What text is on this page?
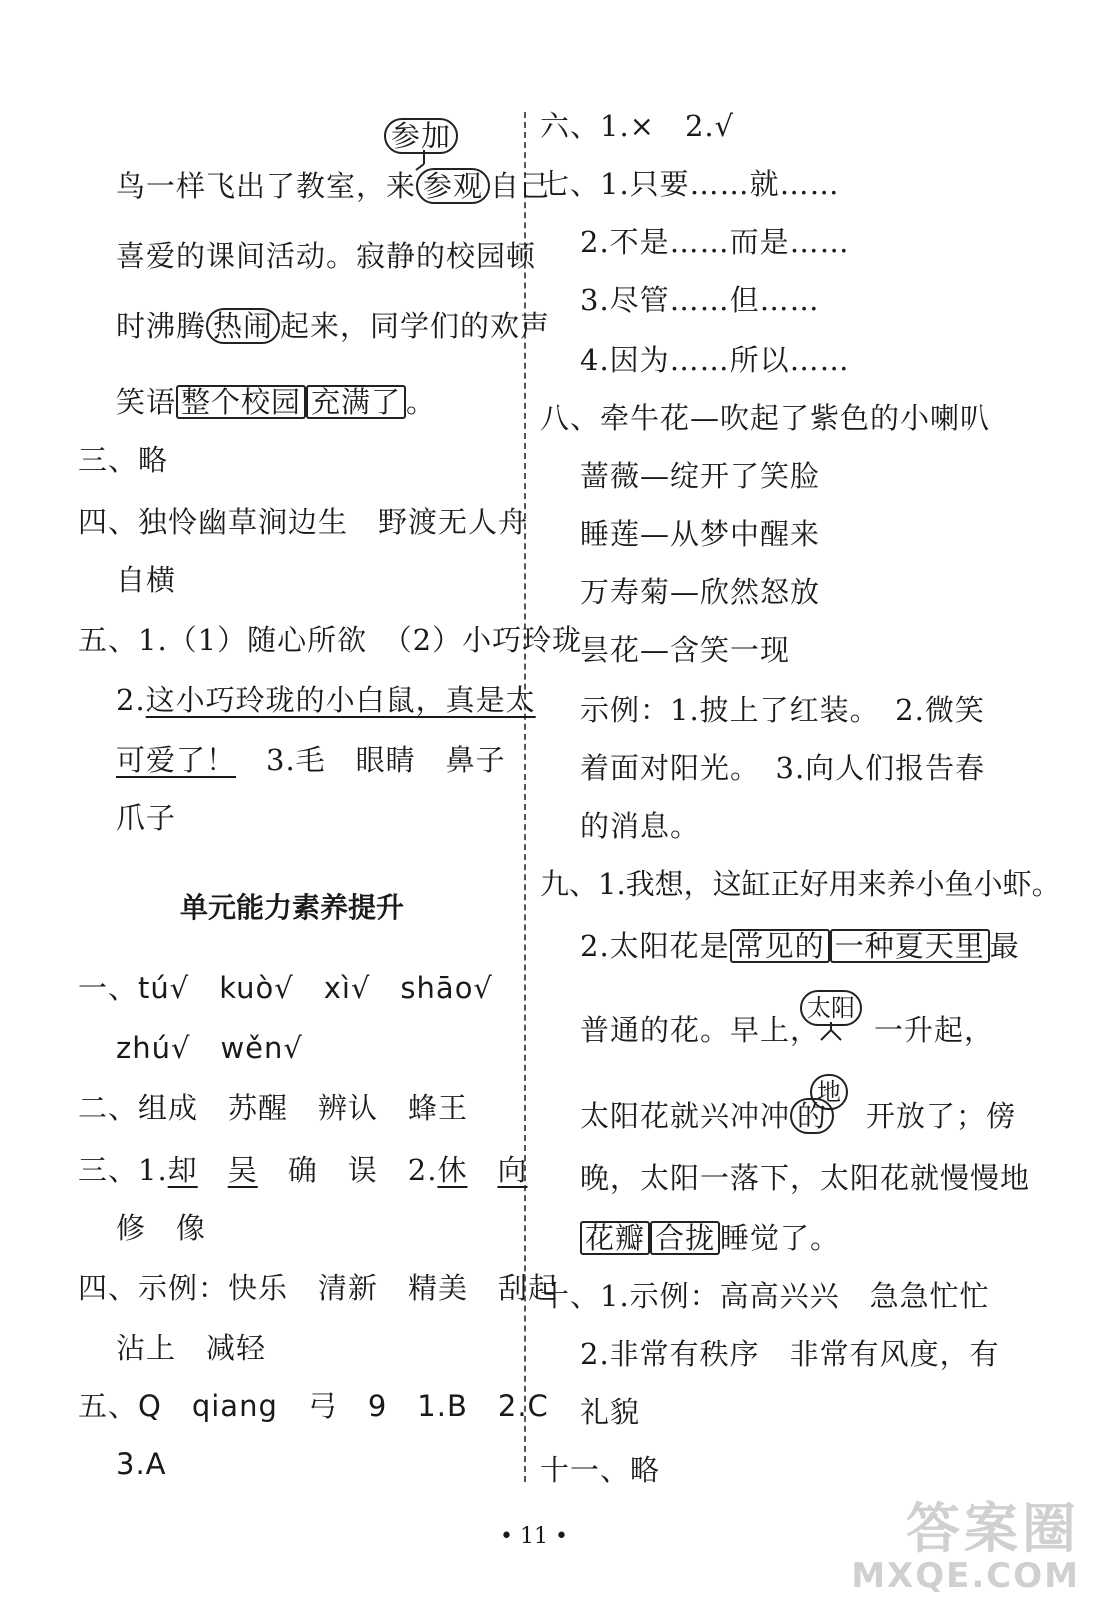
参加
鸟一样飞出了教室，来 参观 自己
喜爱的课间活动。寂静的校园顿
时沸腾 热闹 起来，同学们的欢声
笑语 整个校园 充满了 。
三、略
四、独怜幽草涧边生　野渡无人舟
自横
五、1.（1）随心所欲　（2）小巧玲珑
2.这小巧玲珑的小白鼠，真是太
可爱了！　3.毛　眼睛　鼻子
爪子
单元能力素养提升
一、tú√　kuò√　xì√　shāo√
zhú√　wěn√
二、组成　苏醒　辨认　蜂王
三、1.却　 吴　 确　 误　 2.休　 向
修　像
四、示例：快乐　清新　精美　刮起
沾上　减轻
五、Q　qiang　弓　9　1.B　2.C
3.A
六、1.×　2.√
七、1.只要……就……
2.不是……而是……
3.尽管……但……
4.因为……所以……
八、牵牛花—吹起了紫色的小喇叭
蔷薇—绽开了笑脸
睡莲—从梦中醒来
万寿菊—欣然怒放
昙花—含笑一现
示例：1.披上了红装。　2.微笑
着面对阳光。　3.向人们报告春
的消息。
九、1.我想，这缸正好用来养小鱼小虾。
2.太阳花是 常见的 一种夏天里 最
太阳
普通的花。早上， 一升起，
地
太阳花就兴冲冲 的 开放了；傍
晚，太阳一落下，太阳花就慢慢地
花瓣 合拢 睡觉了。
十、1.示例：高高兴兴　急急忙忙
2.非常有秩序　非常有风度，有
礼貌
十一、略
• 11 •	答案圈
MXQE.COM
